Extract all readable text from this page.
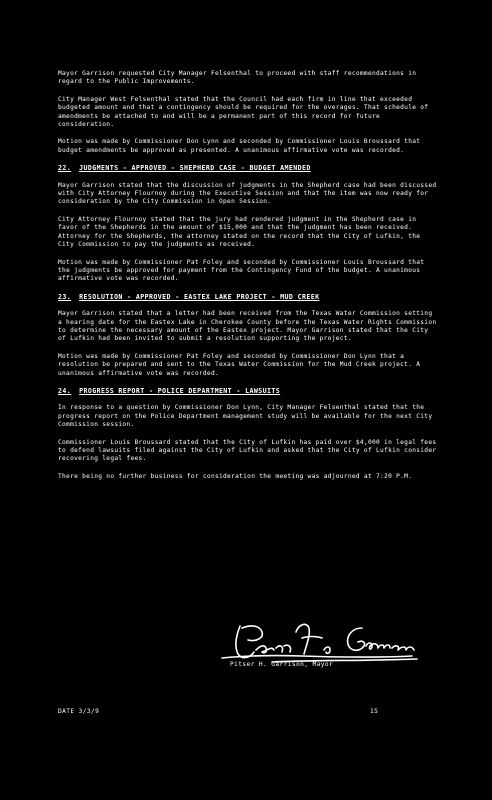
Mayor Garrison requested City Manager Felsenthal to proceed with staff recommendations in regard to the Public Improvements.

City Manager West Felsenthal stated that the Council had each firm in line that exceeded budgeted amount and that a contingency should be required for the overages. That schedule of amendments be attached to and will be a permanent part of this record for future consideration.

Motion was made by Commissioner Don Lynn and seconded by Commissioner Louis Broussard that budget amendments be approved as presented. A unanimous affirmative vote was recorded.

22. JUDGMENTS - APPROVED - SHEPHERD CASE - BUDGET AMENDED

Mayor Garrison stated that the discussion of judgments in the Shepherd case had been discussed with City Attorney Flournoy during the Executive Session and that the item was now ready for consideration by the City Commission in Open Session.

City Attorney Flournoy stated that the jury had rendered judgment in the Shepherd case in favor of the Shepherds in the amount of $15,000 and that the judgment has been received. Attorney for the Shepherds, the attorney stated on the record that the City of Lufkin, the City Commission to pay the judgments as received.

Motion was made by Commissioner Pat Foley and seconded by Commissioner Louis Broussard that the judgments be approved for payment from the Contingency Fund of the budget. A unanimous affirmative vote was recorded.

23. RESOLUTION - APPROVED - EASTEX LAKE PROJECT - MUD CREEK

Mayor Garrison stated that a letter had been received from the Texas Water Commission setting a hearing date for the Eastex Lake in Cherokee County before the Texas Water Rights Commission to determine the necessary amount of the Eastex project. Mayor Garrison stated that the City of Lufkin had been invited to submit a resolution supporting the project.

Motion was made by Commissioner Pat Foley and seconded by Commissioner Don Lynn that a resolution be prepared and sent to the Texas Water Commission for the Mud Creek project. A unanimous affirmative vote was recorded.

24. PROGRESS REPORT - POLICE DEPARTMENT - LAWSUITS

In response to a question by Commissioner Don Lynn, City Manager Felsenthal stated that the progress report on the Police Department management study will be available for the next City Commission session.

Commissioner Louis Broussard stated that the City of Lufkin has paid over $4,000 in legal fees to defend lawsuits filed against the City of Lufkin and asked that the City of Lufkin consider recovering legal fees.

There being no further business for consideration the meeting was adjourned at 7:20 P.M.

Pitser H. Garrison, Mayor
DATE 3/3/9	15
